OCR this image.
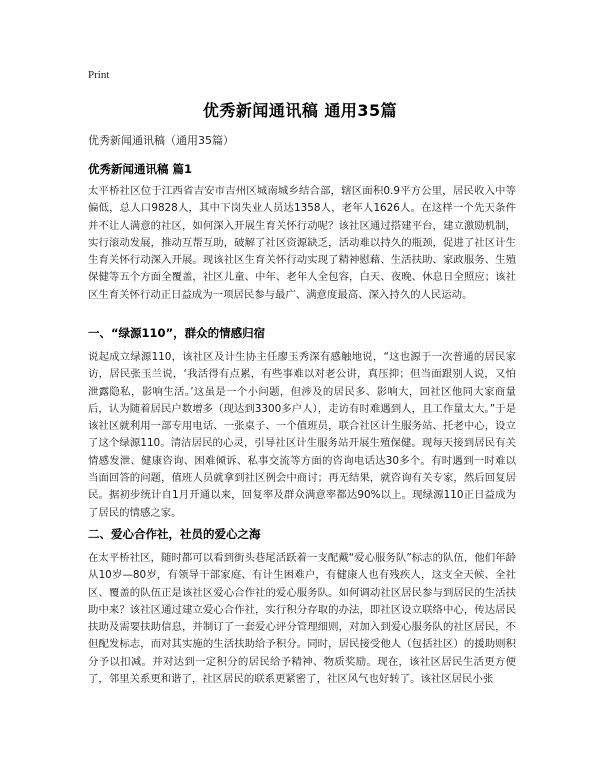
Print
优秀新闻通讯稿 通用35篇
优秀新闻通讯稿（通用35篇）
优秀新闻通讯稿 篇1
太平桥社区位于江西省吉安市吉州区城南城乡结合部，辖区面积0.9平方公里，居民收入中等偏低，总人口9828人，其中下岗失业人员达1358人，老年人1626人。在这样一个先天条件并不让人满意的社区，如何深入开展生育关怀行动呢？该社区通过搭建平台，建立激励机制，实行滚动发展，推动互帮互助，破解了社区资源缺乏，活动难以持久的瓶颈，促进了社区计生生育关怀行动深入开展。现该社区生育关怀行动实现了精神慰藉、生活扶助、家政服务、生殖保健等五个方面全覆盖，社区儿童、中年、老年人全包容，白天、夜晚、休息日全照应；该社区生育关怀行动正日益成为一项居民参与最广、满意度最高、深入持久的人民运动。
一、“绿源110”，群众的情感归宿
说起成立绿源110，该社区及计生协主任廖玉秀深有感触地说，“这也源于一次普通的居民家访，居民张玉兰说，‘我活得有点累，有些事难以对老公讲，真压抑；但当面跟别人说，又怕泄露隐私，影响生活。’这虽是一个小问题，但涉及的居民多、影响大，回社区他同大家商量后，认为随着居民户数增多（现达到3300多户人），走访有时难遇到人，且工作量太大。”于是该社区就利用一部专用电话、一张桌子、一个值班员，联合社区计生服务站、托老中心，设立了这个绿源110。清洁居民的心灵，引导社区计生服务站开展生殖保健。现每天接到居民有关情感发泄、健康咨询、困难倾诉、私事交流等方面的咨询电话达30多个。有时遇到一时难以当面回答的问题，值班人员就拿到社区例会中商讨；再无结果，就咨询有关专家，然后回复居民。据初步统计自1月开通以来，回复率及群众满意率都达90%以上。现绿源110正日益成为了居民的情感之家。
二、爱心合作社，社员的爱心之海
在太平桥社区，随时都可以看到街头巷尾活跃着一支配戴“爱心服务队”标志的队伍，他们年龄从10岁—80岁，有领导干部家庭、有计生困难户，有健康人也有残疾人，这支全天候、全社区、覆盖的队伍正是该社区爱心合作社的爱心服务队。如何调动社区居民参与到居民的生活扶助中来？该社区通过建立爱心合作社，实行积分存取的办法，即社区设立联络中心，传达居民扶助及需要扶助信息，并制订了一套爱心评分管理细则，对加入到爱心服务队的社区居民，不但配发标志，而对其实施的生活扶助给予积分。同时，居民接受他人（包括社区）的援助则积分予以扣减。并对达到一定积分的居民给予精神、物质奖励。现在，该社区居民生活更方便了，邻里关系更和谐了，社区居民的联系更紧密了，社区风气也好转了。该社区居民小张
